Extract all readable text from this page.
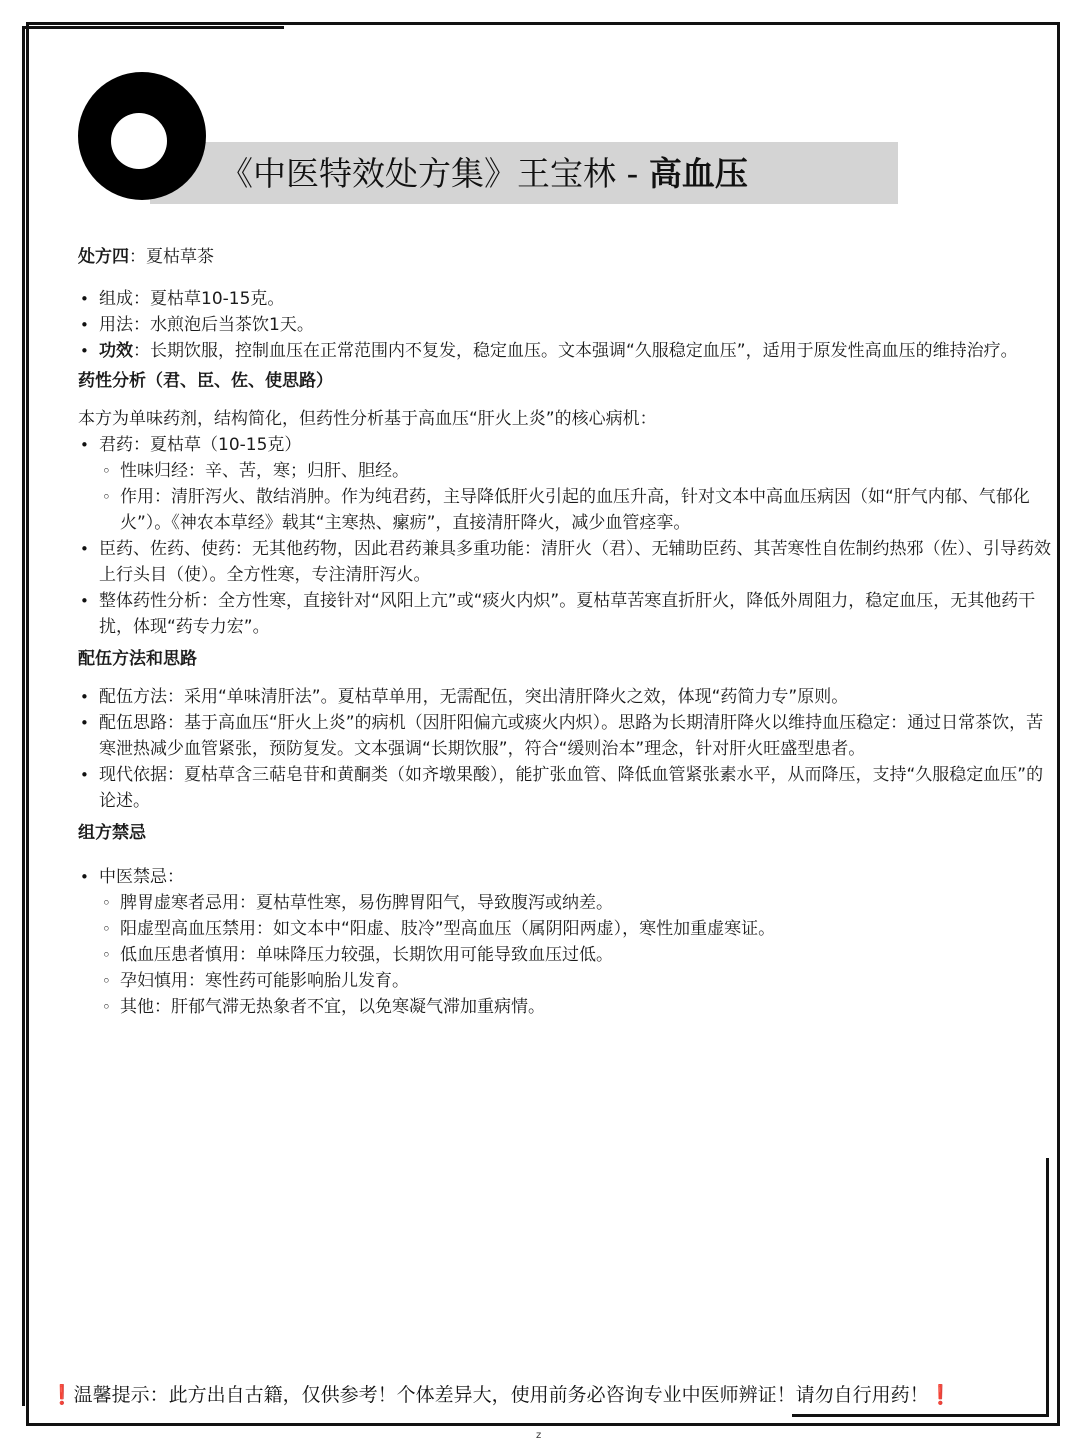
《中医特效处方集》王宝林 - 高血压

处方四：夏枯草茶

• 组成：夏枯草10-15克。
• 用法：水煎泡后当茶饮1天。
• 功效：长期饮服，控制血压在正常范围内不复发，稳定血压。文本强调“久服稳定血压”，适用于原发性高血压的维持治疗。

药性分析（君、臣、佐、使思路）

本方为单味药剂，结构简化，但药性分析基于高血压“肝火上炎”的核心病机：

• 君药：夏枯草（10-15克）
◦ 性味归经：辛、苦，寒；归肝、胆经。
◦ 作用：清肝泻火、散结消肿。作为纯君药，主导降低肝火引起的血压升高，针对文本中高血压病因（如“肝气内郁、气郁化火”）。《神农本草经》载其“主寒热、瘰疬”，直接清肝降火，减少血管痉挛。
• 臣药、佐药、使药：无其他药物，因此君药兼具多重功能：清肝火（君）、无辅助臣药、其苦寒性自佐制约热邪（佐）、引导药效上行头目（使）。全方性寒，专注清肝泻火。
• 整体药性分析：全方性寒，直接针对“风阳上亢”或“痰火内炽”。夏枯草苦寒直折肝火，降低外周阻力，稳定血压，无其他药干扰，体现“药专力宏”。

配伍方法和思路

• 配伍方法：采用“单味清肝法”。夏枯草单用，无需配伍，突出清肝降火之效，体现“药简力专”原则。
• 配伍思路：基于高血压“肝火上炎”的病机（因肝阳偏亢或痰火内炽）。思路为长期清肝降火以维持血压稳定：通过日常茶饮，苦寒泄热减少血管紧张，预防复发。文本强调“长期饮服”，符合“缓则治本”理念，针对肝火旺盛型患者。
• 现代依据：夏枯草含三萜皂苷和黄酮类（如齐墩果酸），能扩张血管、降低血管紧张素水平，从而降压，支持“久服稳定血压”的论述。

组方禁忌

• 中医禁忌：
◦ 脾胃虚寒者忌用：夏枯草性寒，易伤脾胃阳气，导致腹泻或纳差。
◦ 阳虚型高血压禁用：如文本中“阳虚、肢冷”型高血压（属阴阳两虚），寒性加重虚寒证。
◦ 低血压患者慎用：单味降压力较强，长期饮用可能导致血压过低。
◦ 孕妇慎用：寒性药可能影响胎儿发育。
◦ 其他：肝郁气滞无热象者不宜，以免寒凝气滞加重病情。
❗温馨提示：此方出自古籍，仅供参考！个体差异大，使用前务必咨询专业中医师辨证！请勿自行用药！❗
z
